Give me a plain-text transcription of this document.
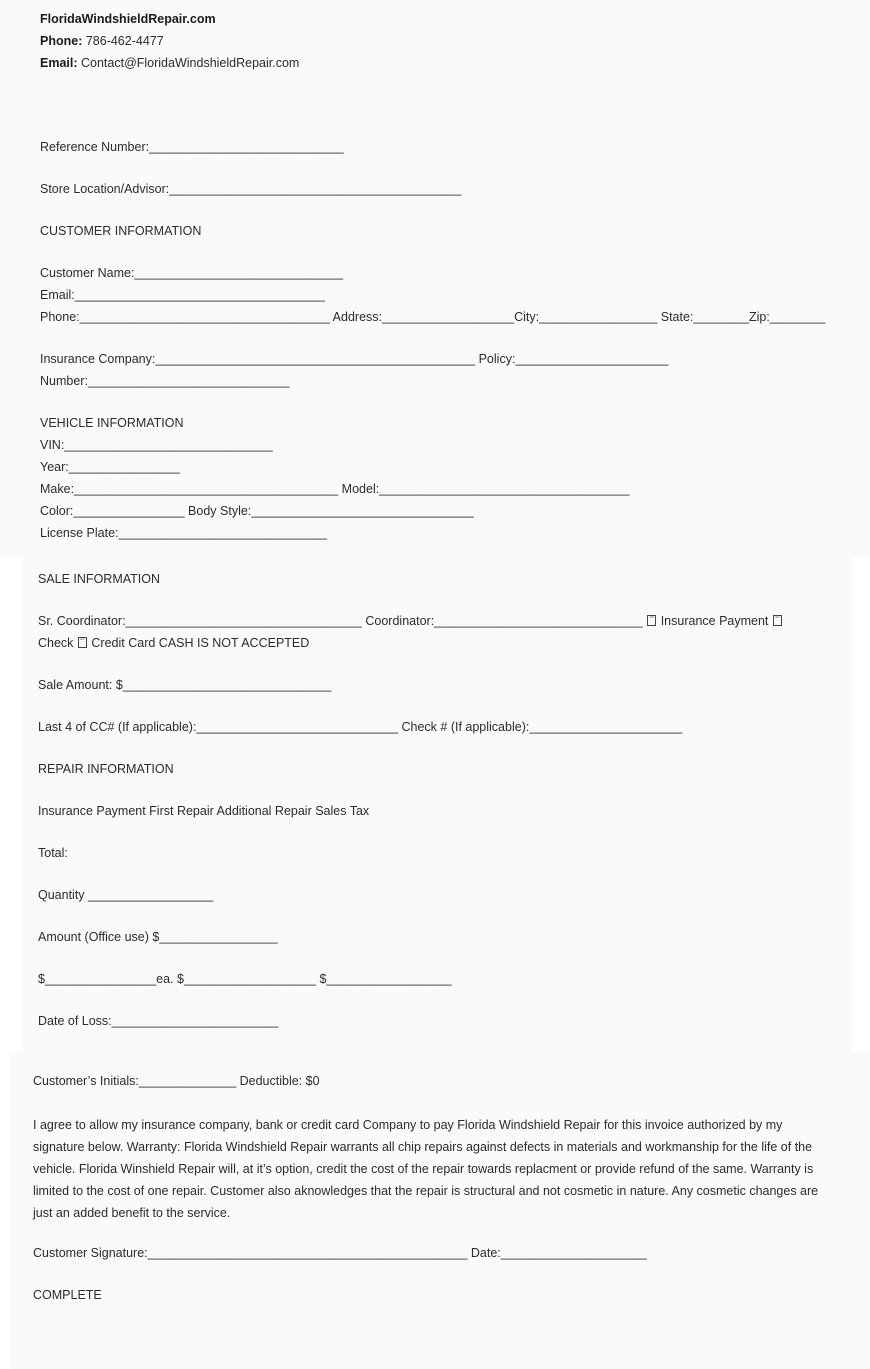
FloridaWindshieldRepair.com
Phone: 786-462-4477
Email: Contact@FloridaWindshieldRepair.com
Reference Number:____________________________
Store Location/Advisor:__________________________________________
CUSTOMER INFORMATION
Customer Name:______________________________
Email:____________________________________
Phone:____________________________________ Address:___________________City:_________________ State:________Zip:________
Insurance Company:______________________________________________ Policy:______________________
Number:_____________________________
VEHICLE INFORMATION
VIN:______________________________
Year:________________
Make:______________________________________ Model:____________________________________
Color:________________ Body Style:________________________________
License Plate:______________________________
SALE INFORMATION
Sr. Coordinator:__________________________________ Coordinator:______________________________ ▫▫ Insurance Payment ▫▫
Check ▫▫ Credit Card CASH IS NOT ACCEPTED
Sale Amount: $______________________________
Last 4 of CC# (If applicable):_____________________________ Check # (If applicable):______________________
REPAIR INFORMATION
Insurance Payment First Repair Additional Repair Sales Tax
Total:
Quantity __________________
Amount (Office use) $_________________
$________________ea. $___________________ $__________________
Date of Loss:________________________
Customer’s Initials:______________ Deductible: $0
I agree to allow my insurance company, bank or credit card Company to pay Florida Windshield Repair for this invoice authorized by my signature below. Warranty: Florida Windshield Repair warrants all chip repairs against defects in materials and workmanship for the life of the vehicle. Florida Winshield Repair will, at it’s option, credit the cost of the repair towards replacment or provide refund of the same. Warranty is limited to the cost of one repair. Customer also aknowledges that the repair is structural and not cosmetic in nature. Any cosmetic changes are just an added benefit to the service.
Customer Signature:______________________________________________ Date:_____________________
COMPLETE
